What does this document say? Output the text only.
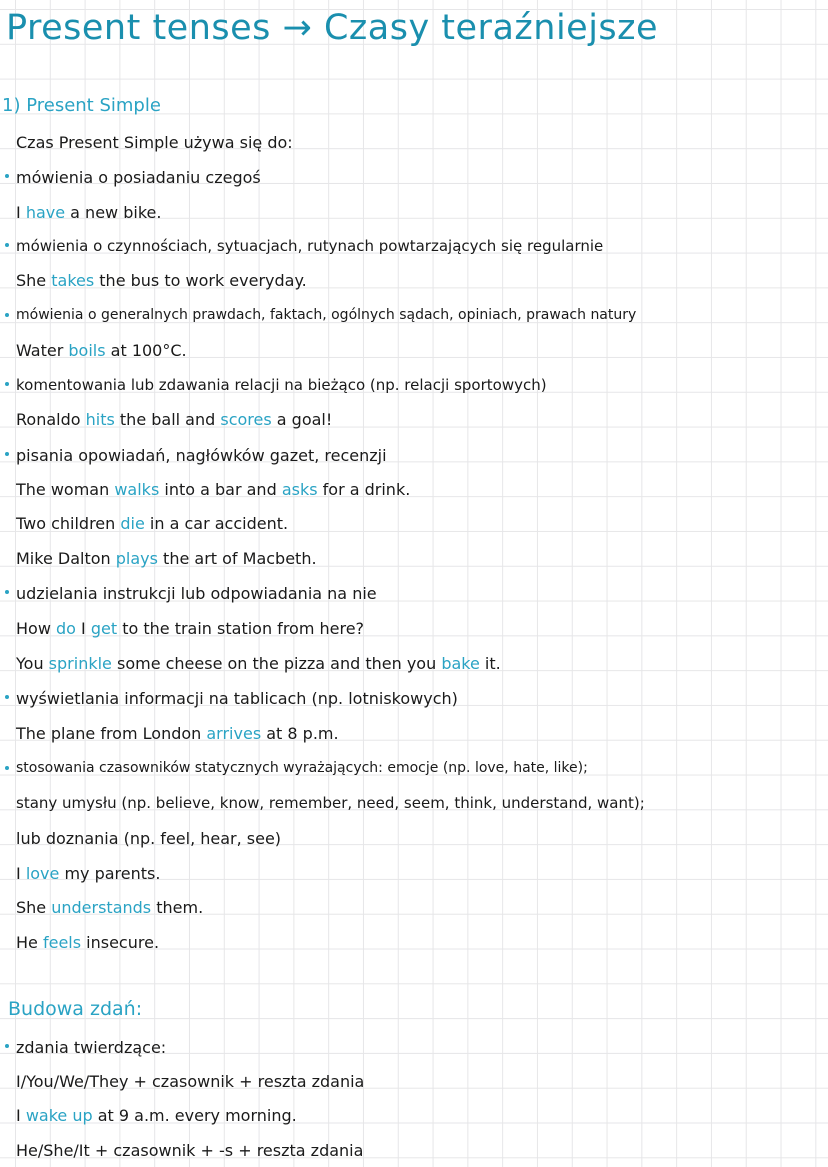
Present tenses → Czasy teraźniejsze
1) Present Simple
Czas Present Simple używa się do:
mówienia o posiadaniu czegoś
I have a new bike.
mówienia o czynnościach, sytuacjach, rutynach powtarzających się regularnie
She takes the bus to work everyday.
mówienia o generalnych prawdach, faktach, ogólnych sądach, opiniach, prawach natury
Water boils at 100°C.
komentowania lub zdawania relacji na bieżąco (np. relacji sportowych)
Ronaldo hits the ball and scores a goal!
pisania opowiadań, nagłówków gazet, recenzji
The woman walks into a bar and asks for a drink.
Two children die in a car accident.
Mike Dalton plays the art of Macbeth.
udzielania instrukcji lub odpowiadania na nie
How do I get to the train station from here?
You sprinkle some cheese on the pizza and then you bake it.
wyświetlania informacji na tablicach (np. lotniskowych)
The plane from London arrives at 8 p.m.
stosowania czasowników statycznych wyrażających: emocje (np. love, hate, like);
stany umysłu (np. believe, know, remember, need, seem, think, understand, want);
lub doznania (np. feel, hear, see)
I love my parents.
She understands them.
He feels insecure.
Budowa zdań:
zdania twierdzące:
I/You/We/They + czasownik + reszta zdania
I wake up at 9 a.m. every morning.
He/She/It + czasownik + -s + reszta zdania
